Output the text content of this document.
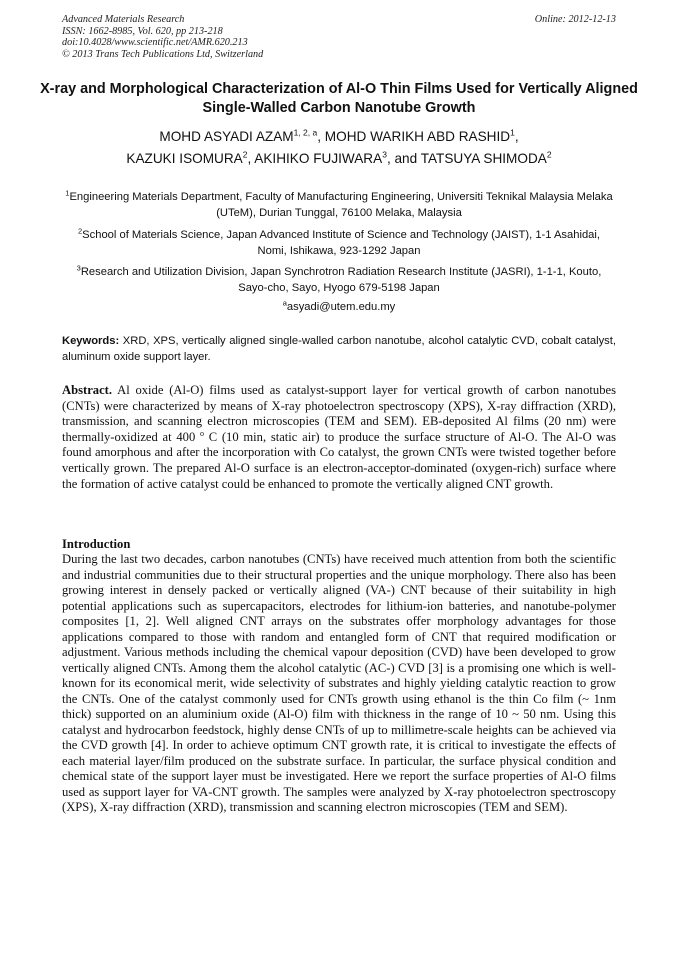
Advanced Materials Research
ISSN: 1662-8985, Vol. 620, pp 213-218
doi:10.4028/www.scientific.net/AMR.620.213
© 2013 Trans Tech Publications Ltd, Switzerland
Online: 2012-12-13
X-ray and Morphological Characterization of Al-O Thin Films Used for Vertically Aligned Single-Walled Carbon Nanotube Growth
MOHD ASYADI AZAM$^{1, 2, a}$, MOHD WARIKH ABD RASHID$^1$,
KAZUKI ISOMURA$^2$, AKIHIKO FUJIWARA$^3$, and TATSUYA SHIMODA$^2$
$^1$Engineering Materials Department, Faculty of Manufacturing Engineering, Universiti Teknikal Malaysia Melaka (UTeM), Durian Tunggal, 76100 Melaka, Malaysia
$^2$School of Materials Science, Japan Advanced Institute of Science and Technology (JAIST), 1-1 Asahidai, Nomi, Ishikawa, 923-1292 Japan
$^3$Research and Utilization Division, Japan Synchrotron Radiation Research Institute (JASRI), 1-1-1, Kouto, Sayo-cho, Sayo, Hyogo 679-5198 Japan
$^a$asyadi@utem.edu.my
Keywords: XRD, XPS, vertically aligned single-walled carbon nanotube, alcohol catalytic CVD, cobalt catalyst, aluminum oxide support layer.
Abstract. Al oxide (Al-O) films used as catalyst-support layer for vertical growth of carbon nanotubes (CNTs) were characterized by means of X-ray photoelectron spectroscopy (XPS), X-ray diffraction (XRD), transmission, and scanning electron microscopies (TEM and SEM). EB-deposited Al films (20 nm) were thermally-oxidized at 400 $^o$ C (10 min, static air) to produce the surface structure of Al-O. The Al-O was found amorphous and after the incorporation with Co catalyst, the grown CNTs were twisted together before vertically grown. The prepared Al-O surface is an electron-acceptor-dominated (oxygen-rich) surface where the formation of active catalyst could be enhanced to promote the vertically aligned CNT growth.
Introduction
During the last two decades, carbon nanotubes (CNTs) have received much attention from both the scientific and industrial communities due to their structural properties and the unique morphology. There also has been growing interest in densely packed or vertically aligned (VA-) CNT because of their suitability in high potential applications such as supercapacitors, electrodes for lithium-ion batteries, and nanotube-polymer composites [1, 2]. Well aligned CNT arrays on the substrates offer morphology advantages for those applications compared to those with random and entangled form of CNT that required modification or adjustment. Various methods including the chemical vapour deposition (CVD) have been developed to grow vertically aligned CNTs. Among them the alcohol catalytic (AC-) CVD [3] is a promising one which is well-known for its economical merit, wide selectivity of substrates and highly yielding catalytic reaction to grow the CNTs. One of the catalyst commonly used for CNTs growth using ethanol is the thin Co film (~ 1nm thick) supported on an aluminium oxide (Al-O) film with thickness in the range of 10 ~ 50 nm. Using this catalyst and hydrocarbon feedstock, highly dense CNTs of up to millimetre-scale heights can be achieved via the CVD growth [4]. In order to achieve optimum CNT growth rate, it is critical to investigate the effects of each material layer/film produced on the substrate surface. In particular, the surface physical condition and chemical state of the support layer must be investigated. Here we report the surface properties of Al-O films used as support layer for VA-CNT growth. The samples were analyzed by X-ray photoelectron spectroscopy (XPS), X-ray diffraction (XRD), transmission and scanning electron microscopies (TEM and SEM).
